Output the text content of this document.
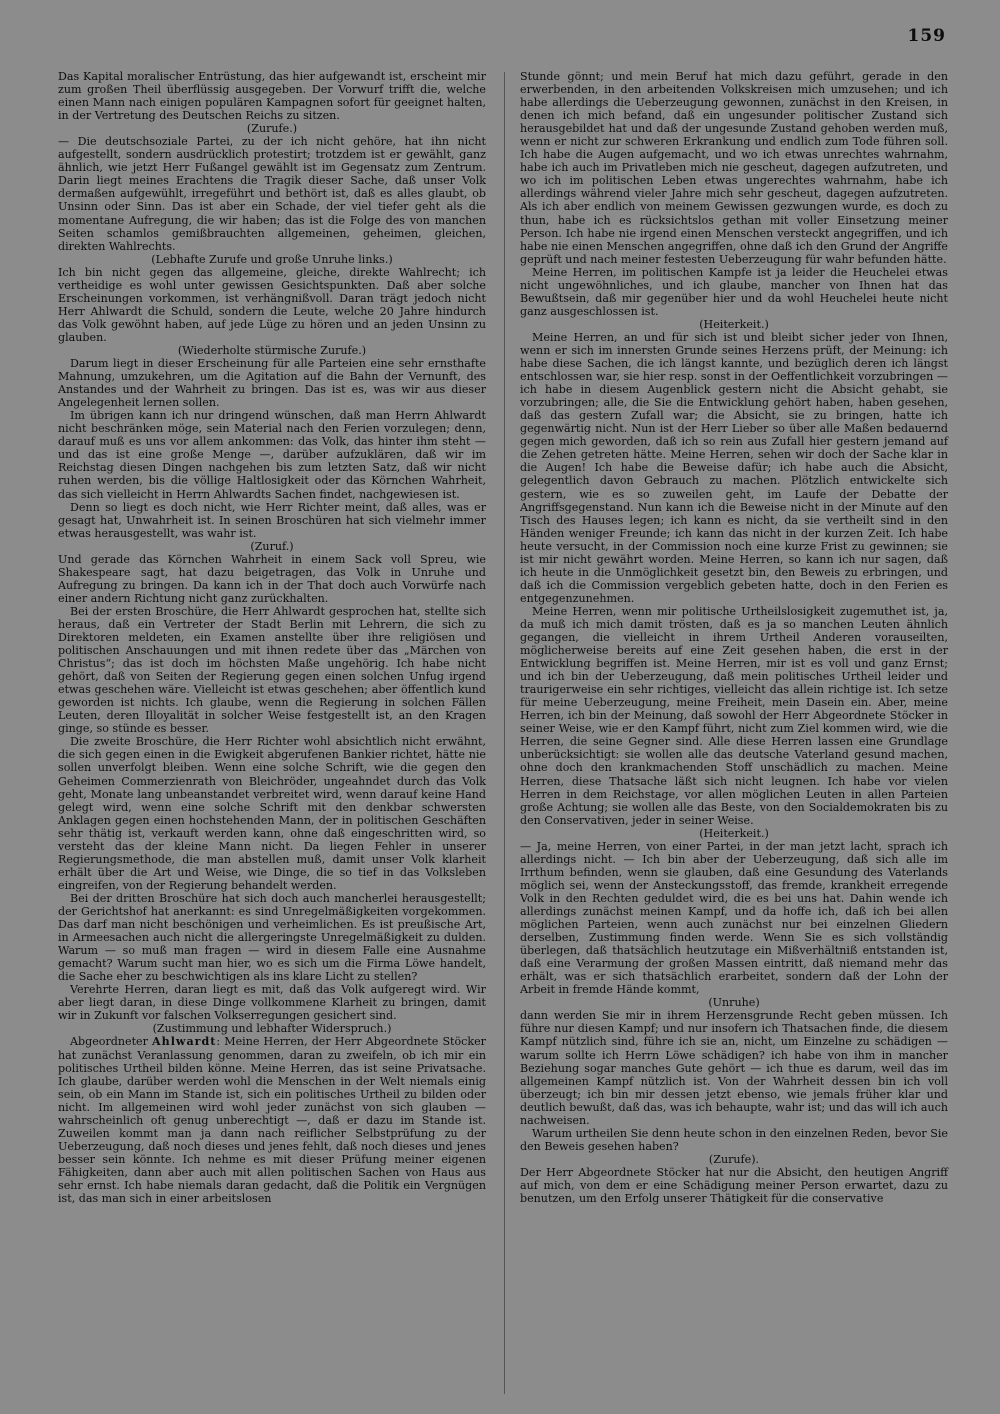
159

Das Kapital moralischer Entrüstung, das hier aufgewandt ist, erscheint mir zum großen Theil überflüssig ausgegeben. Der Vorwurf trifft die, welche einen Mann nach einigen populären Kampagnen sofort für geeignet halten, in der Vertretung des Deutschen Reichs zu sitzen.

(Zurufe.)

— Die deutschsoziale Partei, zu der ich nicht gehöre, hat ihn nicht aufgestellt, sondern ausdrücklich protestirt; trotzdem ist er gewählt, ganz ähnlich, wie jetzt Herr Fußangel gewählt ist im Gegensatz zum Zentrum. Darin liegt meines Erachtens die Tragik dieser Sache, daß unser Volk dermaßen aufgewühlt, irregeführt und bethört ist, daß es alles glaubt, ob Unsinn oder Sinn. Das ist aber ein Schade, der viel tiefer geht als die momentane Aufregung, die wir haben; das ist die Folge des von manchen Seiten schamlos gemißbrauchten allgemeinen, geheimen, gleichen, direkten Wahlrechts.

(Lebhafte Zurufe und große Unruhe links.)

Ich bin nicht gegen das allgemeine, gleiche, direkte Wahlrecht; ich vertheidige es wohl unter gewissen Gesichtspunkten. Daß aber solche Erscheinungen vorkommen, ist verhängnißvoll. Daran trägt jedoch nicht Herr Ahlwardt die Schuld, sondern die Leute, welche 20 Jahre hindurch das Volk gewöhnt haben, auf jede Lüge zu hören und an jeden Unsinn zu glauben.

(Wiederholte stürmische Zurufe.)

Darum liegt in dieser Erscheinung für alle Parteien eine sehr ernsthafte Mahnung, umzukehren, um die Agitation auf die Bahn der Vernunft, des Anstandes und der Wahrheit zu bringen. Das ist es, was wir aus dieser Angelegenheit lernen sollen.

Im übrigen kann ich nur dringend wünschen, daß man Herrn Ahlwardt nicht beschränken möge, sein Material nach den Ferien vorzulegen; denn, darauf muß es uns vor allem ankommen: das Volk, das hinter ihm steht — und das ist eine große Menge —, darüber aufzuklären, daß wir im Reichstag diesen Dingen nachgehen bis zum letzten Satz, daß wir nicht ruhen werden, bis die völlige Haltlosigkeit oder das Körnchen Wahrheit, das sich vielleicht in Herrn Ahlwardts Sachen findet, nachgewiesen ist.

Denn so liegt es doch nicht, wie Herr Richter meint, daß alles, was er gesagt hat, Unwahrheit ist. In seinen Broschüren hat sich vielmehr immer etwas herausgestellt, was wahr ist.

(Zuruf.)

Und gerade das Körnchen Wahrheit in einem Sack voll Spreu, wie Shakespeare sagt, hat dazu beigetragen, das Volk in Unruhe und Aufregung zu bringen. Da kann ich in der That doch auch Vorwürfe nach einer andern Richtung nicht ganz zurückhalten.

Bei der ersten Broschüre, die Herr Ahlwardt gesprochen hat, stellte sich heraus, daß ein Vertreter der Stadt Berlin mit Lehrern, die sich zu Direktoren meldeten, ein Examen anstellte über ihre religiösen und politischen Anschauungen und mit ihnen redete über das „Märchen von Christus“; das ist doch im höchsten Maße ungehörig. Ich habe nicht gehört, daß von Seiten der Regierung gegen einen solchen Unfug irgend etwas geschehen wäre. Vielleicht ist etwas geschehen; aber öffentlich kund geworden ist nichts. Ich glaube, wenn die Regierung in solchen Fällen Leuten, deren Illoyalität in solcher Weise festgestellt ist, an den Kragen ginge, so stünde es besser.

Die zweite Broschüre, die Herr Richter wohl absichtlich nicht erwähnt, die sich gegen einen in die Ewigkeit abgerufenen Bankier richtet, hätte nie sollen unverfolgt bleiben. Wenn eine solche Schrift, wie die gegen den Geheimen Commerzienrath von Bleichröder, ungeahndet durch das Volk geht, Monate lang unbeanstandet verbreitet wird, wenn darauf keine Hand gelegt wird, wenn eine solche Schrift mit den denkbar schwersten Anklagen gegen einen hochstehenden Mann, der in politischen Geschäften sehr thätig ist, verkauft werden kann, ohne daß eingeschritten wird, so versteht das der kleine Mann nicht. Da liegen Fehler in unserer Regierungsmethode, die man abstellen muß, damit unser Volk klarheit erhält über die Art und Weise, wie Dinge, die so tief in das Volksleben eingreifen, von der Regierung behandelt werden.

Bei der dritten Broschüre hat sich doch auch mancherlei herausgestellt; der Gerichtshof hat anerkannt: es sind Unregelmäßigkeiten vorgekommen. Das darf man nicht beschönigen und verheimlichen. Es ist preußische Art, in Armeesachen auch nicht die allergeringste Unregelmäßigkeit zu dulden. Warum — so muß man fragen — wird in diesem Falle eine Ausnahme gemacht? Warum sucht man hier, wo es sich um die Firma Löwe handelt, die Sache eher zu beschwichtigen als ins klare Licht zu stellen?

Verehrte Herren, daran liegt es mit, daß das Volk aufgeregt wird. Wir aber liegt daran, in diese Dinge vollkommene Klarheit zu bringen, damit wir in Zukunft vor falschen Volkserregungen gesichert sind.

(Zustimmung und lebhafter Widerspruch.)

Abgeordneter Ahlwardt: Meine Herren, der Herr Abgeordnete Stöcker hat zunächst Veranlassung genommen, daran zu zweifeln, ob ich mir ein politisches Urtheil bilden könne. Meine Herren, das ist seine Privatsache. Ich glaube, darüber werden wohl die Menschen in der Welt niemals einig sein, ob ein Mann im Stande ist, sich ein politisches Urtheil zu bilden oder nicht. Im allgemeinen wird wohl jeder zunächst von sich glauben — wahrscheinlich oft genug unberechtigt —, daß er dazu im Stande ist. Zuweilen kommt man ja dann nach reiflicher Selbstprüfung zu der Ueberzeugung, daß noch dieses und jenes fehlt, daß noch dieses und jenes besser sein könnte. Ich nehme es mit dieser Prüfung meiner eigenen Fähigkeiten, dann aber auch mit allen politischen Sachen von Haus aus sehr ernst. Ich habe niemals daran gedacht, daß die Politik ein Vergnügen ist, das man sich in einer arbeitslosen

Stunde gönnt; und mein Beruf hat mich dazu geführt, gerade in den erwerbenden, in den arbeitenden Volkskreisen mich umzusehen; und ich habe allerdings die Ueberzeugung gewonnen, zunächst in den Kreisen, in denen ich mich befand, daß ein ungesunder politischer Zustand sich herausgebildet hat und daß der ungesunde Zustand gehoben werden muß, wenn er nicht zur schweren Erkrankung und endlich zum Tode führen soll. Ich habe die Augen aufgemacht, und wo ich etwas unrechtes wahrnahm, habe ich auch im Privatleben mich nie gescheut, dagegen aufzutreten, und wo ich im politischen Leben etwas ungerechtes wahrnahm, habe ich allerdings während vieler Jahre mich sehr gescheut, dagegen aufzutreten. Als ich aber endlich von meinem Gewissen gezwungen wurde, es doch zu thun, habe ich es rücksichtslos gethan mit voller Einsetzung meiner Person. Ich habe nie irgend einen Menschen versteckt angegriffen, und ich habe nie einen Menschen angegriffen, ohne daß ich den Grund der Angriffe geprüft und nach meiner festesten Ueberzeugung für wahr befunden hätte.

Meine Herren, im politischen Kampfe ist ja leider die Heuchelei etwas nicht ungewöhnliches, und ich glaube, mancher von Ihnen hat das Bewußtsein, daß mir gegenüber hier und da wohl Heuchelei heute nicht ganz ausgeschlossen ist.

(Heiterkeit.)

Meine Herren, an und für sich ist und bleibt sicher jeder von Ihnen, wenn er sich im innersten Grunde seines Herzens prüft, der Meinung: ich habe diese Sachen, die ich längst kannte, und bezüglich deren ich längst entschlossen war, sie hier resp. sonst in der Oeffentlichkeit vorzubringen — ich habe in diesem Augenblick gestern nicht die Absicht gehabt, sie vorzubringen; alle, die Sie die Entwicklung gehört haben, haben gesehen, daß das gestern Zufall war; die Absicht, sie zu bringen, hatte ich gegenwärtig nicht. Nun ist der Herr Lieber so über alle Maßen bedauernd gegen mich geworden, daß ich so rein aus Zufall hier gestern jemand auf die Zehen getreten hätte. Meine Herren, sehen wir doch der Sache klar in die Augen! Ich habe die Beweise dafür; ich habe auch die Absicht, gelegentlich davon Gebrauch zu machen. Plötzlich entwickelte sich gestern, wie es so zuweilen geht, im Laufe der Debatte der Angriffsgegenstand. Nun kann ich die Beweise nicht in der Minute auf den Tisch des Hauses legen; ich kann es nicht, da sie vertheilt sind in den Händen weniger Freunde; ich kann das nicht in der kurzen Zeit. Ich habe heute versucht, in der Commission noch eine kurze Frist zu gewinnen; sie ist mir nicht gewährt worden. Meine Herren, so kann ich nur sagen, daß ich heute in die Unmöglichkeit gesetzt bin, den Beweis zu erbringen, und daß ich die Commission vergeblich gebeten hatte, doch in den Ferien es entgegenzunehmen.

Meine Herren, wenn mir politische Urtheilslosigkeit zugemuthet ist, ja, da muß ich mich damit trösten, daß es ja so manchen Leuten ähnlich gegangen, die vielleicht in ihrem Urtheil Anderen vorauseilten, möglicherweise bereits auf eine Zeit gesehen haben, die erst in der Entwicklung begriffen ist. Meine Herren, mir ist es voll und ganz Ernst; und ich bin der Ueberzeugung, daß mein politisches Urtheil leider und traurigerweise ein sehr richtiges, vielleicht das allein richtige ist. Ich setze für meine Ueberzeugung, meine Freiheit, mein Dasein ein. Aber, meine Herren, ich bin der Meinung, daß sowohl der Herr Abgeordnete Stöcker in seiner Weise, wie er den Kampf führt, nicht zum Ziel kommen wird, wie die Herren, die seine Gegner sind. Alle diese Herren lassen eine Grundlage unberücksichtigt: sie wollen alle das deutsche Vaterland gesund machen, ohne doch den krankmachenden Stoff unschädlich zu machen. Meine Herren, diese Thatsache läßt sich nicht leugnen. Ich habe vor vielen Herren in dem Reichstage, vor allen möglichen Leuten in allen Parteien große Achtung; sie wollen alle das Beste, von den Socialdemokraten bis zu den Conservativen, jeder in seiner Weise.

(Heiterkeit.)

— Ja, meine Herren, von einer Partei, in der man jetzt lacht, sprach ich allerdings nicht. — Ich bin aber der Ueberzeugung, daß sich alle im Irrthum befinden, wenn sie glauben, daß eine Gesundung des Vaterlands möglich sei, wenn der Ansteckungsstoff, das fremde, krankheit erregende Volk in den Rechten geduldet wird, die es bei uns hat. Dahin wende ich allerdings zunächst meinen Kampf, und da hoffe ich, daß ich bei allen möglichen Parteien, wenn auch zunächst nur bei einzelnen Gliedern derselben, Zustimmung finden werde. Wenn Sie es sich vollständig überlegen, daß thatsächlich heutzutage ein Mißverhältniß entstanden ist, daß eine Verarmung der großen Massen eintritt, daß niemand mehr das erhält, was er sich thatsächlich erarbeitet, sondern daß der Lohn der Arbeit in fremde Hände kommt,

(Unruhe)

dann werden Sie mir in ihrem Herzensgrunde Recht geben müssen. Ich führe nur diesen Kampf; und nur insofern ich Thatsachen finde, die diesem Kampf nützlich sind, führe ich sie an, nicht, um Einzelne zu schädigen — warum sollte ich Herrn Löwe schädigen? ich habe von ihm in mancher Beziehung sogar manches Gute gehört — ich thue es darum, weil das im allgemeinen Kampf nützlich ist. Von der Wahrheit dessen bin ich voll überzeugt; ich bin mir dessen jetzt ebenso, wie jemals früher klar und deutlich bewußt, daß das, was ich behaupte, wahr ist; und das will ich auch nachweisen.

Warum urtheilen Sie denn heute schon in den einzelnen Reden, bevor Sie den Beweis gesehen haben?

(Zurufe).

Der Herr Abgeordnete Stöcker hat nur die Absicht, den heutigen Angriff auf mich, von dem er eine Schädigung meiner Person erwartet, dazu zu benutzen, um den Erfolg unserer Thätigkeit für die conservative
